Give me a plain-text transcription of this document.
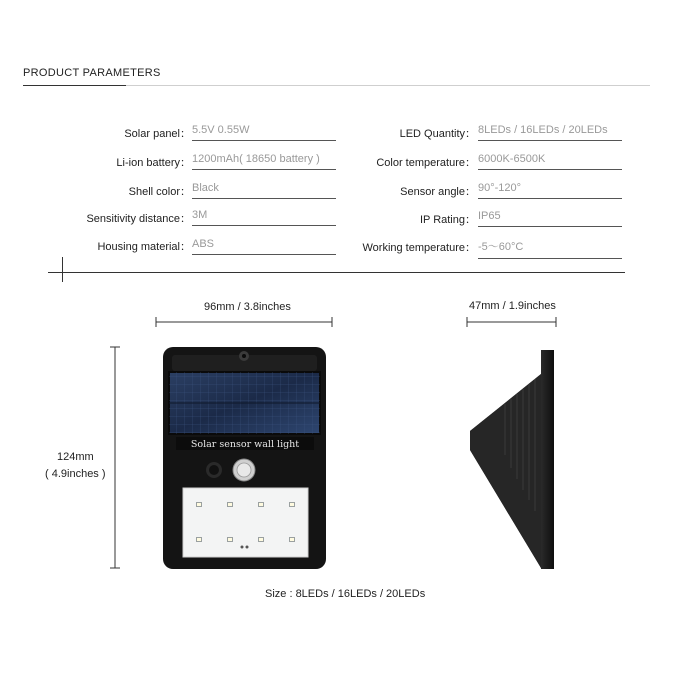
PRODUCT PARAMETERS
Solar panel： 5.5V 0.55W
Li-ion battery： 1200mAh( 18650 battery )
Shell color： Black
Sensitivity distance： 3M
Housing material： ABS
LED Quantity： 8LEDs / 16LEDs / 20LEDs
Color temperature： 6000K-6500K
Sensor angle： 90°-120°
IP Rating： IP65
Working temperature： -5～60°C
Solar sensor wall light
96mm / 3.8inches	47mm / 1.9inches
124mm
( 4.9inches )
Size : 8LEDs / 16LEDs / 20LEDs
